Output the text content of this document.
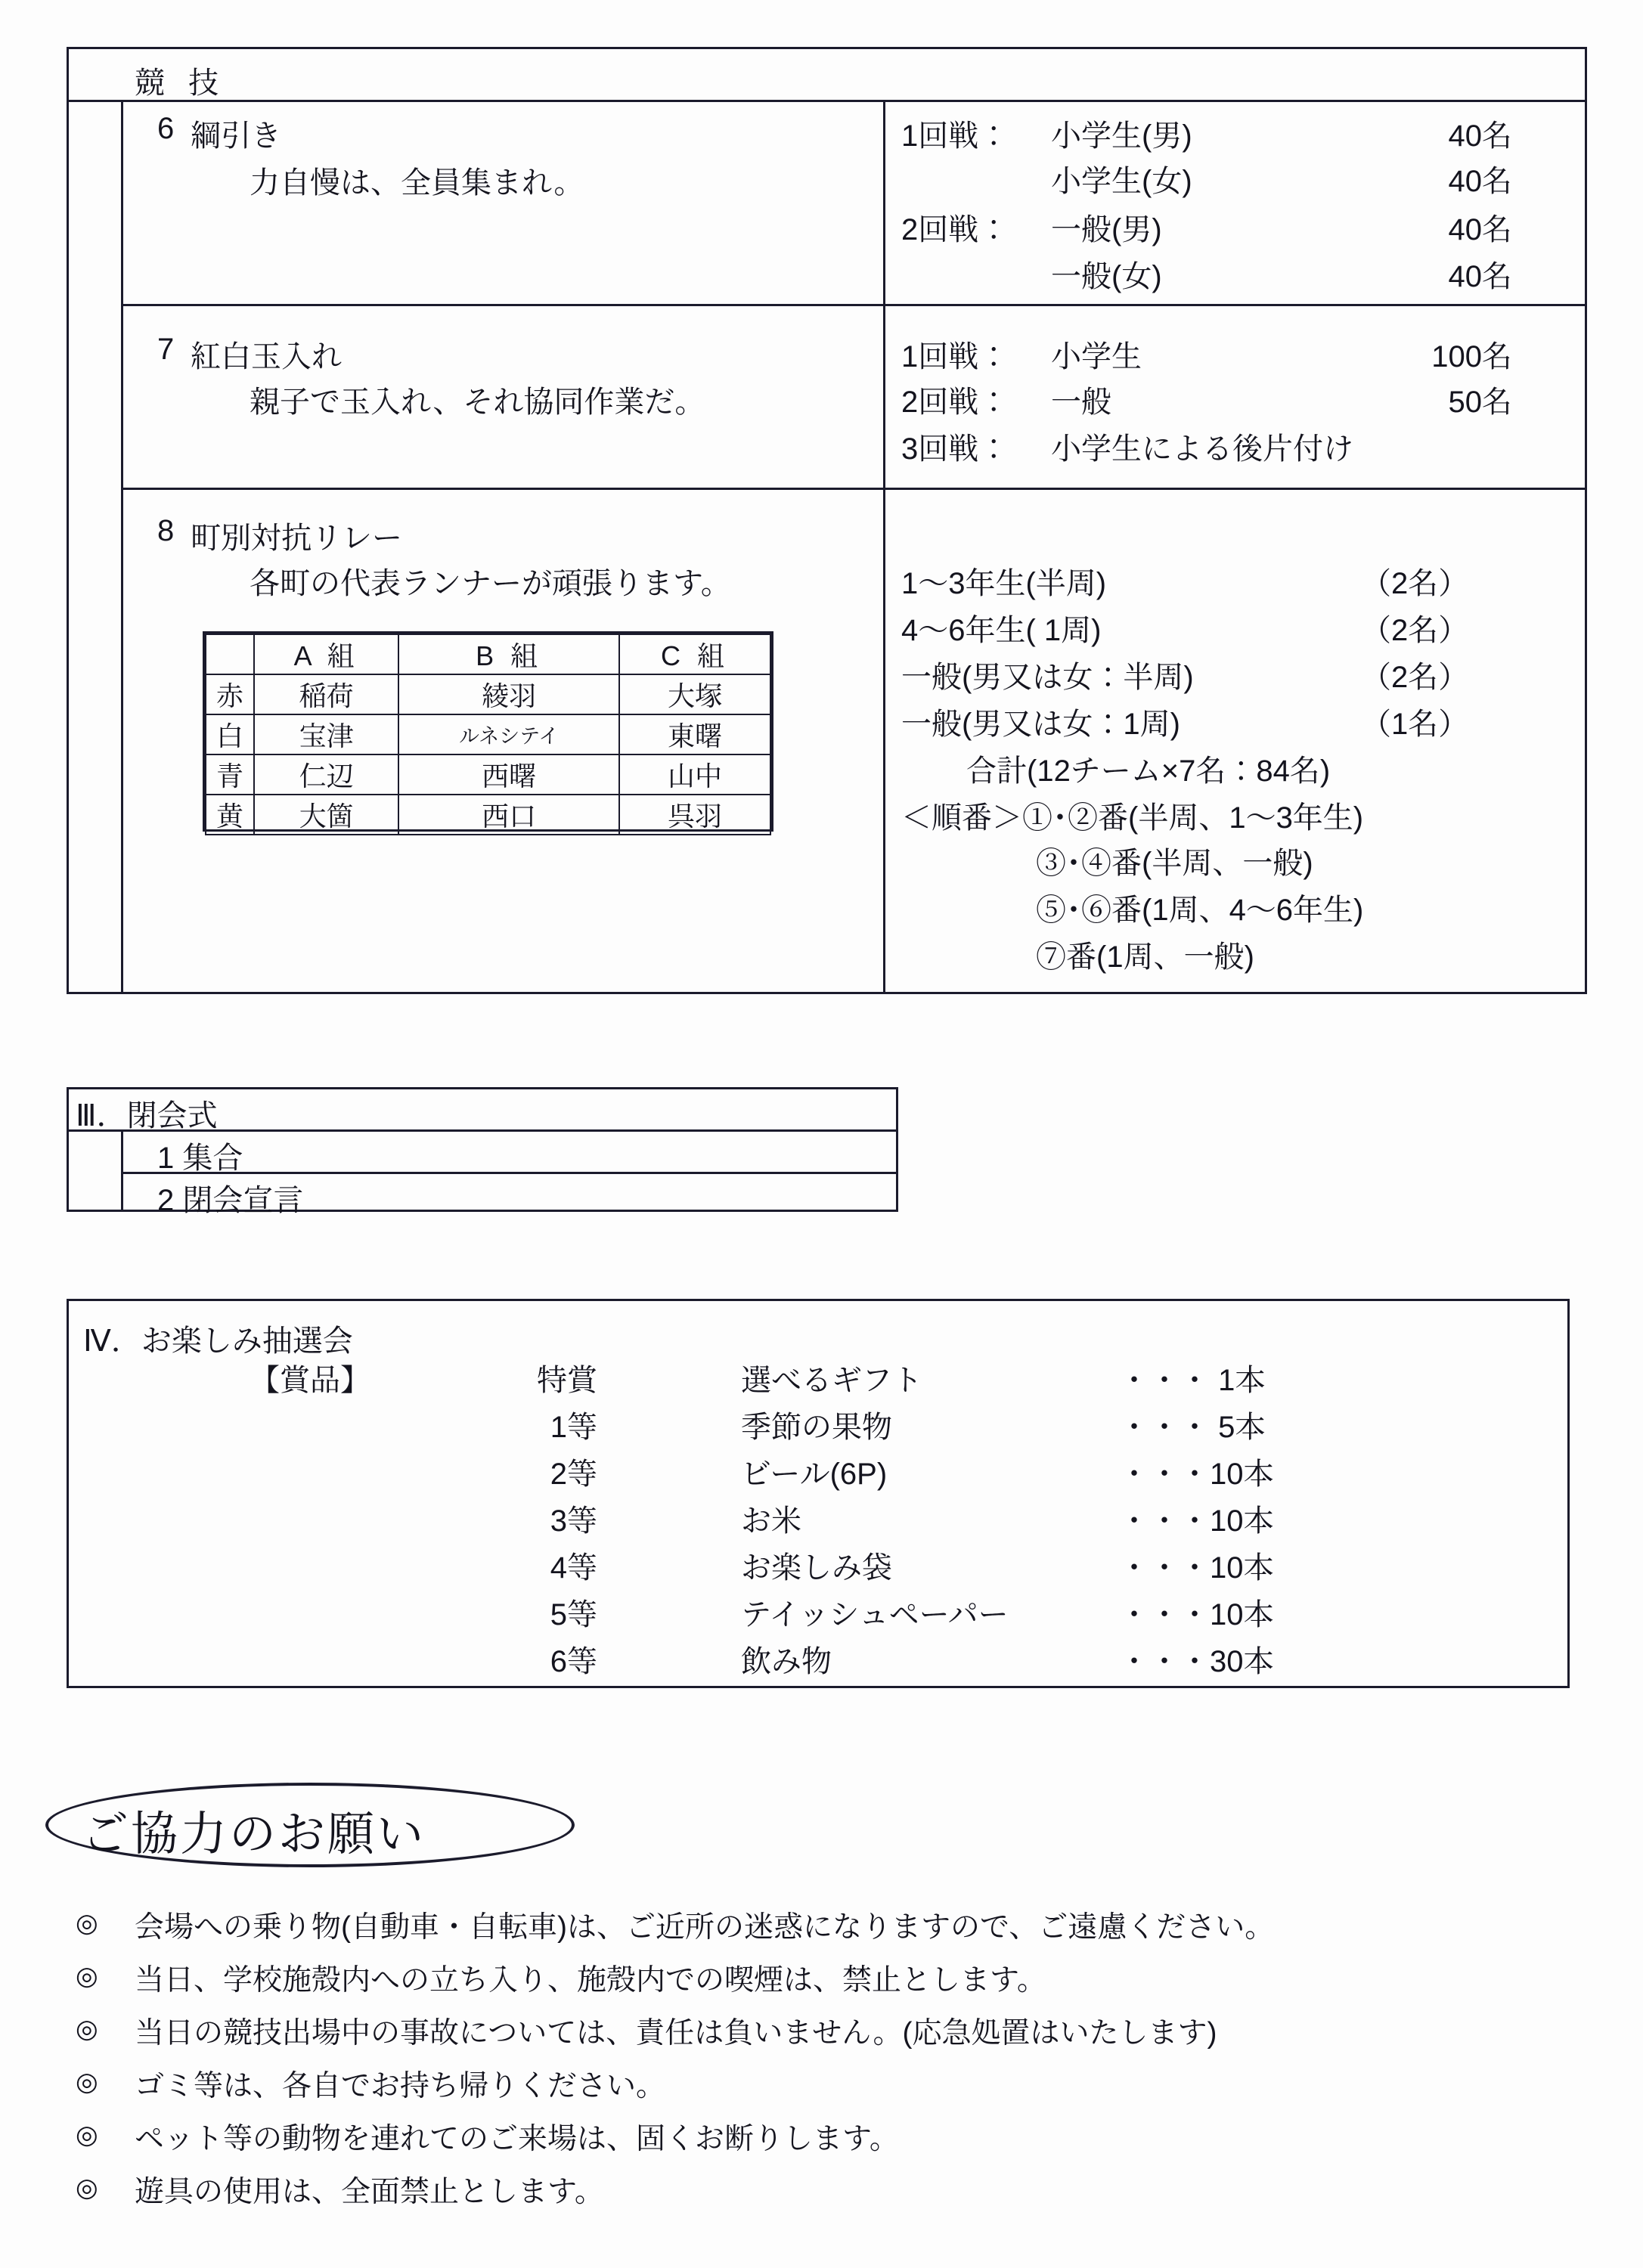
競 技
6 綱引き
力自慢は、全員集まれ。
1回戦： 小学生(男)	40名
小学生(女)	40名
2回戦： 一般(男)	40名
一般(女)	40名
7 紅白玉入れ
親子で玉入れ、それ協同作業だ。
1回戦： 小学生	100名
2回戦： 一般	50名
3回戦： 小学生による後片付け
8 町別対抗リレー
各町の代表ランナーが頑張ります。	1～3年生(半周)	（2名）
4～6年生( 1周)	（2名）
一般(男又は女：半周)	（2名）
一般(男又は女：1周)	（1名）
合計(12チーム×7名：84名)
＜順番＞①･②番(半周、1～3年生)
③･④番(半周、一般)
⑤･⑥番(1周、4～6年生)
⑦番(1周、一般)
	A 組	B 組	C 組
赤	稲荷	綾羽	大塚
白	宝津	ルネシテイ	東曙
青	仁辺	西曙	山中
黄	大箇	西口	呉羽
Ⅲ．閉会式
1 集合
2 閉会宣言
Ⅳ．お楽しみ抽選会
【賞品】	特賞	選べるギフト	・・・ 1本
1等	季節の果物	・・・ 5本
2等	ビール(6P)	・・・10本
3等	お米	・・・10本
4等	お楽しみ袋	・・・10本
5等	テイッシュペーパー	・・・10本
6等	飲み物	・・・30本
ご協力のお願い
◎ 会場への乗り物(自動車・自転車)は、ご近所の迷惑になりますので、ご遠慮ください。
◎ 当日、学校施殼内への立ち入り、施殼内での喫煙は、禁止とします。
◎ 当日の競技出場中の事故については、責任は負いません。(応急処置はいたします)
◎ ゴミ等は、各自でお持ち帰りください。
◎ ペット等の動物を連れてのご来場は、固くお断りします。
◎ 遊具の使用は、全面禁止とします。
